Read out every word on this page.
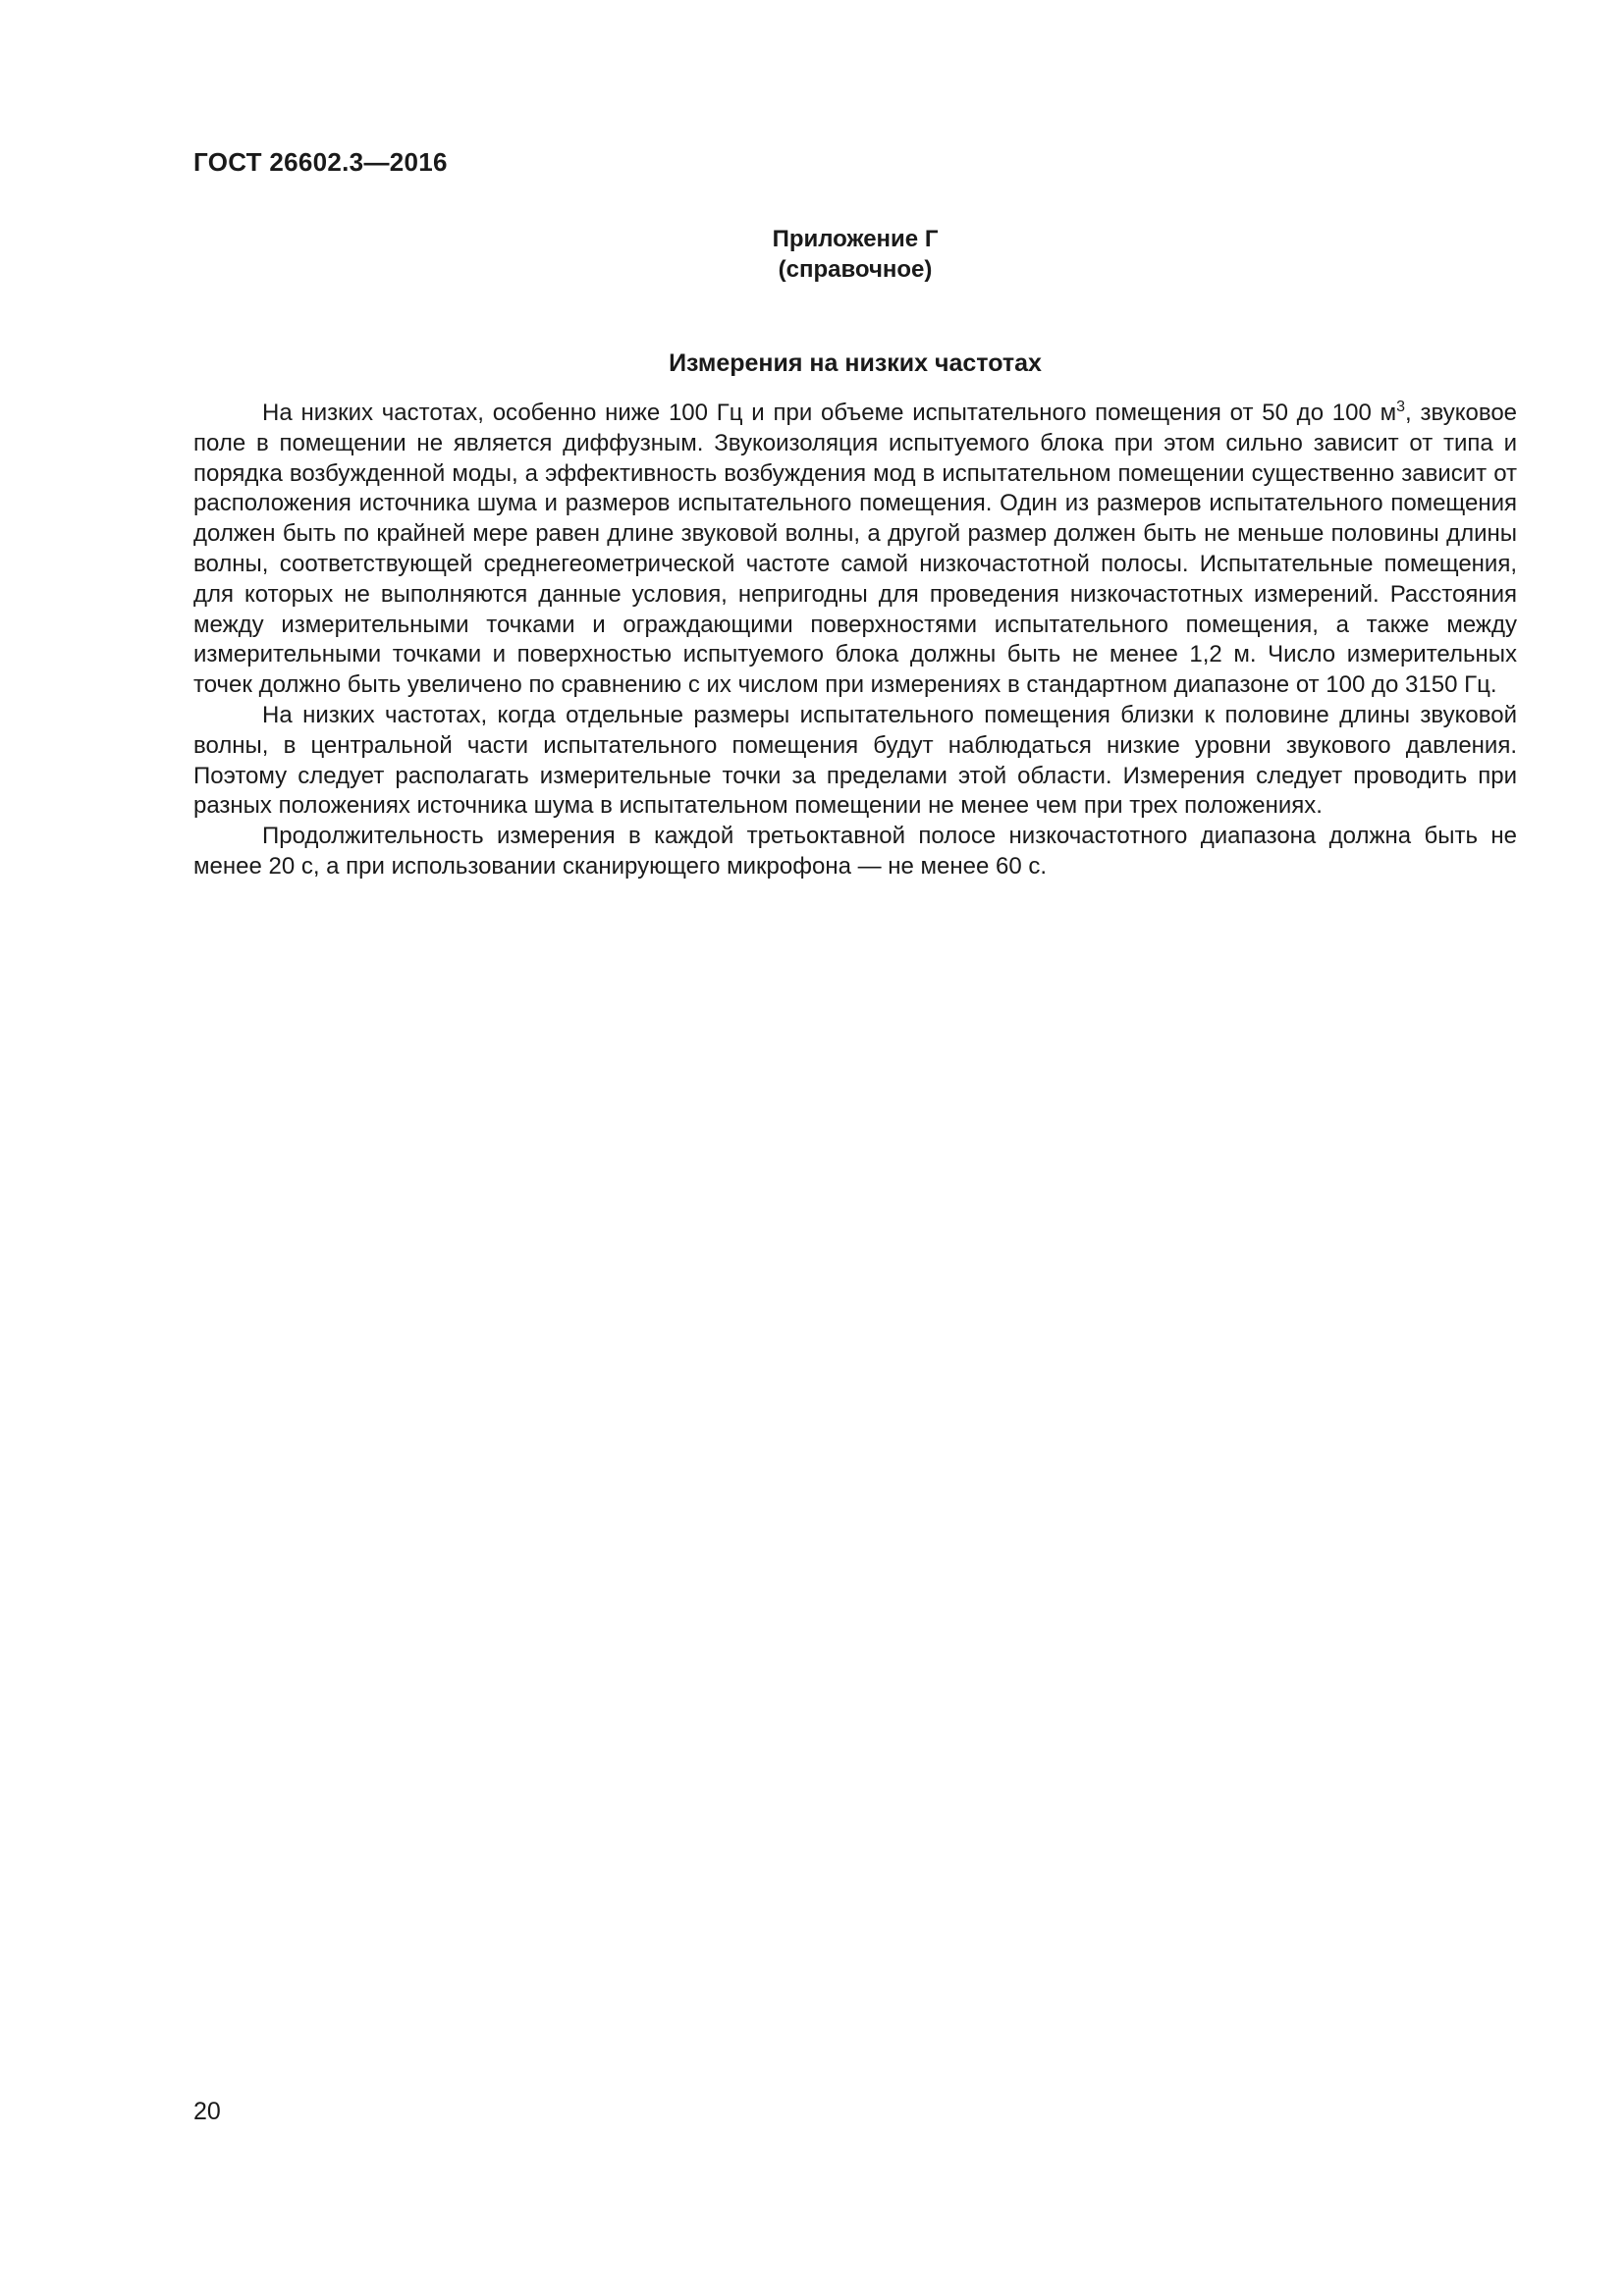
ГОСТ 26602.3—2016
Приложение Г
(справочное)
Измерения на низких частотах

На низких частотах, особенно ниже 100 Гц и при объеме испытательного помещения от 50 до 100 $м^3$, звуковое поле в помещении не является диффузным. Звукоизоляция испытуемого блока при этом сильно зависит от типа и порядка возбужденной моды, а эффективность возбуждения мод в испытательном помещении существенно зависит от расположения источника шума и размеров испытательного помещения. Один из размеров испытательного помещения должен быть по крайней мере равен длине звуковой волны, а другой размер должен быть не меньше половины длины волны, соответствующей среднегеометрической частоте самой низкочастотной полосы. Испытательные помещения, для которых не выполняются данные условия, непригодны для проведения низкочастотных измерений. Расстояния между измерительными точками и ограждающими поверхностями испытательного помещения, а также между измерительными точками и поверхностью испытуемого блока должны быть не менее 1,2 м. Число измерительных точек должно быть увеличено по сравнению с их числом при измерениях в стандартном диапазоне от 100 до 3150 Гц.

На низких частотах, когда отдельные размеры испытательного помещения близки к половине длины звуковой волны, в центральной части испытательного помещения будут наблюдаться низкие уровни звукового давления. Поэтому следует располагать измерительные точки за пределами этой области. Измерения следует проводить при разных положениях источника шума в испытательном помещении не менее чем при трех положениях.

Продолжительность измерения в каждой третьоктавной полосе низкочастотного диапазона должна быть не менее 20 с, а при использовании сканирующего микрофона — не менее 60 с.

20
